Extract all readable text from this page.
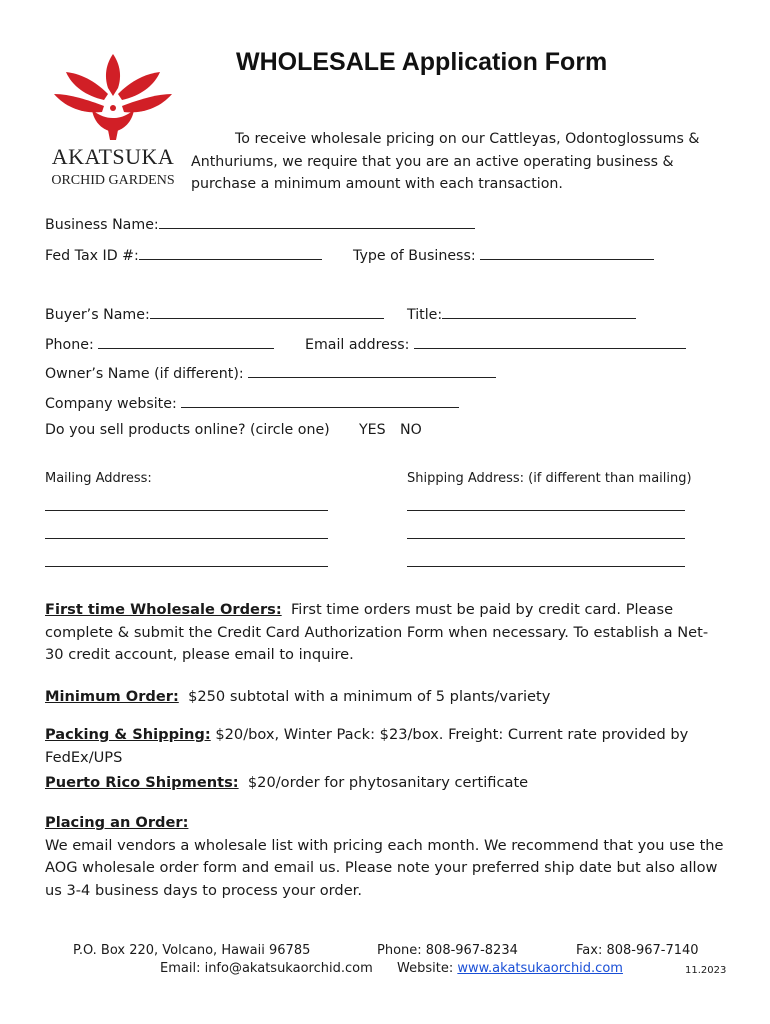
AKATSUKA
ORCHID GARDENS
WHOLESALE Application Form
To receive wholesale pricing on our Cattleyas, Odontoglossums & Anthuriums, we require that you are an active operating business & purchase a minimum amount with each transaction.
Business Name:
Fed Tax ID #:	Type of Business:
Buyer’s Name:	Title:
Phone:	Email address:
Owner’s Name (if different):
Company website:
Do you sell products online? (circle one) YES NO
Mailing Address:	Shipping Address: (if different than mailing)
First time Wholesale Orders: First time orders must be paid by credit card. Please complete & submit the Credit Card Authorization Form when necessary. To establish a Net-30 credit account, please email to inquire.
Minimum Order: $250 subtotal with a minimum of 5 plants/variety
Packing & Shipping: $20/box, Winter Pack: $23/box. Freight: Current rate provided by FedEx/UPS
Puerto Rico Shipments: $20/order for phytosanitary certificate
Placing an Order:
We email vendors a wholesale list with pricing each month. We recommend that you use the AOG wholesale order form and email us. Please note your preferred ship date but also allow us 3-4 business days to process your order.
P.O. Box 220, Volcano, Hawaii 96785	Phone: 808-967-8234	Fax: 808-967-7140
Email: info@akatsukaorchid.com Website: www.akatsukaorchid.com	11.2023
